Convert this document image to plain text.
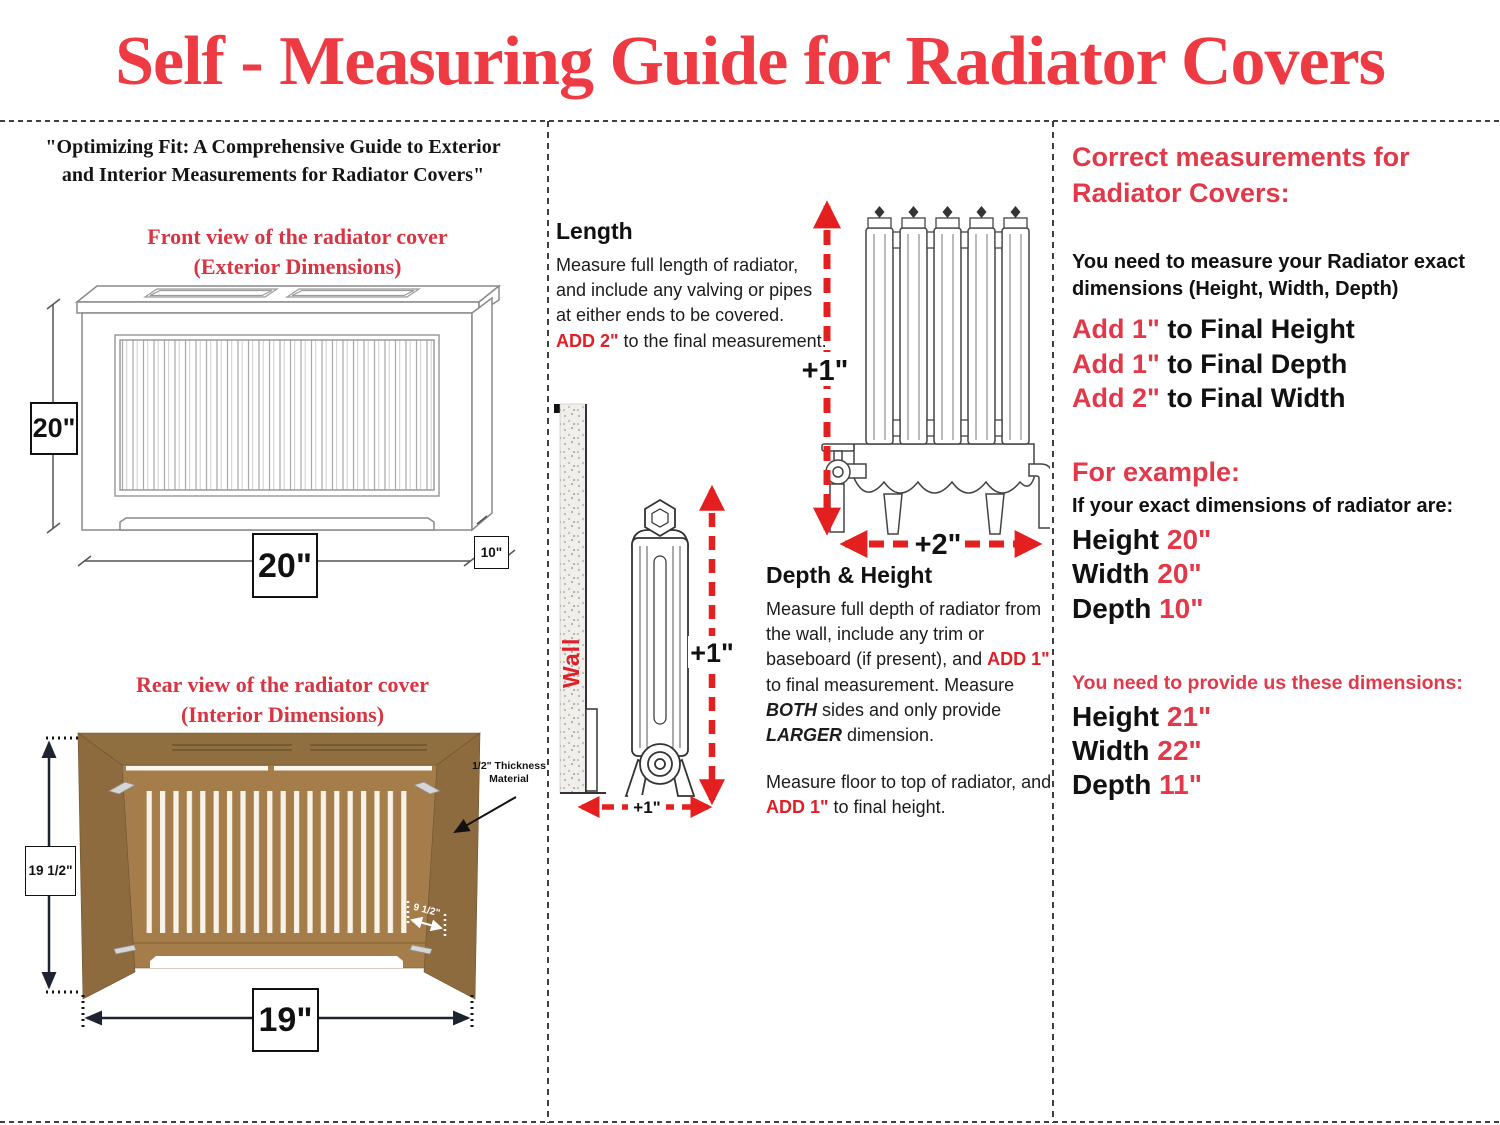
Self - Measuring Guide for Radiator Covers
"Optimizing Fit: A Comprehensive Guide to Exterior
and Interior Measurements for Radiator Covers"
Front view of the radiator cover
(Exterior Dimensions)
20"
20"	10"
Rear view of the radiator cover
(Interior Dimensions)
9 1/2"
19 1/2"
19"
1/2" Thickness
Material
Length

Measure full length of radiator, and include any valving or pipes at either ends to be covered. ADD 2" to the final measurement.

+1"
+2"
Wall	+1"
+1"
Depth & Height

Measure full depth of radiator from the wall, include any trim or baseboard (if present), and ADD 1" to final measurement. Measure BOTH sides and only provide LARGER dimension.

Measure floor to top of radiator, and ADD 1" to final height.

Correct measurements for
Radiator Covers:
You need to measure your Radiator exact
dimensions (Height, Width, Depth)
Add 1" to Final Height
Add 1" to Final Depth
Add 2" to Final Width
For example:
If your exact dimensions of radiator are:
Height 20"
Width 20"
Depth 10"
You need to provide us these dimensions:
Height 21"
Width 22"
Depth 11"
